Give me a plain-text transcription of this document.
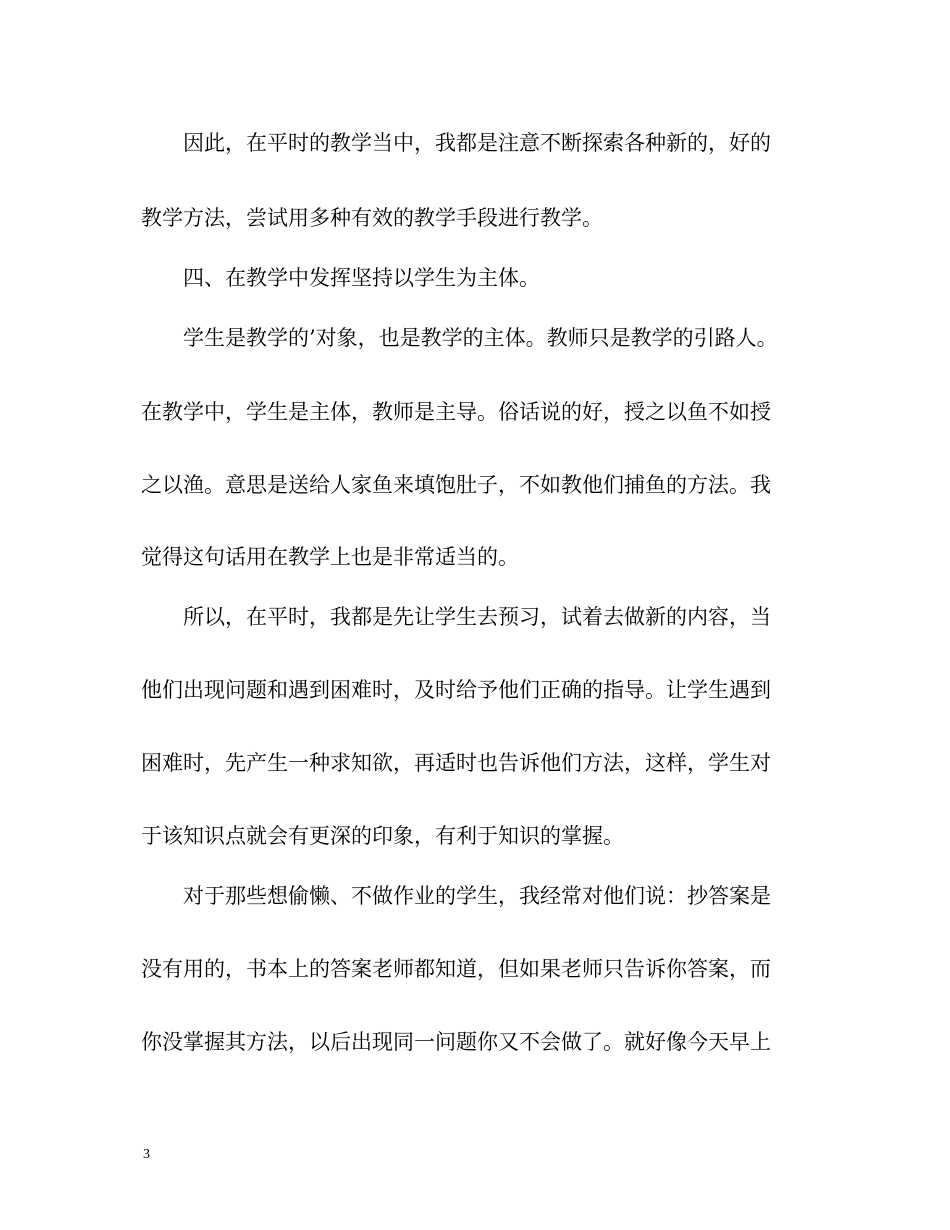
因此，在平时的教学当中，我都是注意不断探索各种新的，好的

教学方法，尝试用多种有效的教学手段进行教学。

四、在教学中发挥坚持以学生为主体。

学生是教学的’对象，也是教学的主体。教师只是教学的引路人。

在教学中，学生是主体，教师是主导。俗话说的好，授之以鱼不如授

之以渔。意思是送给人家鱼来填饱肚子，不如教他们捕鱼的方法。我

觉得这句话用在教学上也是非常适当的。

所以，在平时，我都是先让学生去预习，试着去做新的内容，当

他们出现问题和遇到困难时，及时给予他们正确的指导。让学生遇到

困难时，先产生一种求知欲，再适时也告诉他们方法，这样，学生对

于该知识点就会有更深的印象，有利于知识的掌握。

对于那些想偷懒、不做作业的学生，我经常对他们说：抄答案是

没有用的，书本上的答案老师都知道，但如果老师只告诉你答案，而

你没掌握其方法，以后出现同一问题你又不会做了。就好像今天早上

3
